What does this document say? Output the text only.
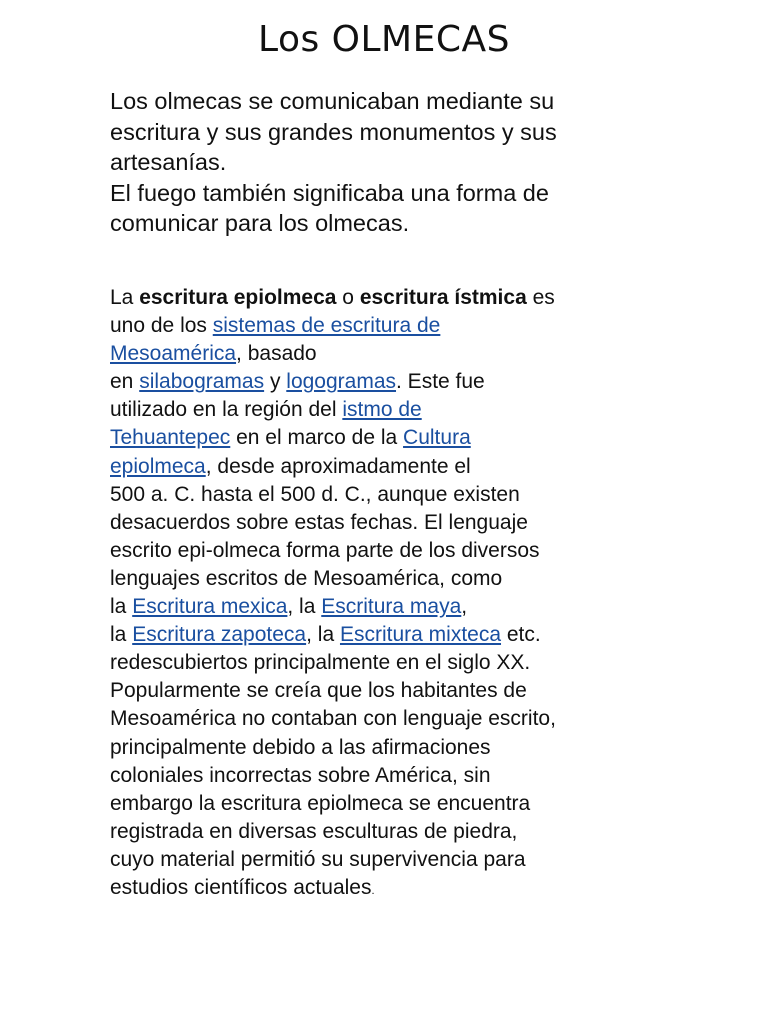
Los OLMECAS
Los olmecas se comunicaban mediante su
escritura y sus grandes monumentos y sus
artesanías.
El fuego también significaba una forma de
comunicar para los olmecas.
La escritura epiolmeca o escritura ístmica es
uno de los sistemas de escritura de
Mesoamérica, basado
en silabogramas y logogramas. Este fue
utilizado en la región del istmo de
Tehuantepec en el marco de la Cultura
epiolmeca, desde aproximadamente el
500 a. C. hasta el 500 d. C., aunque existen
desacuerdos sobre estas fechas. El lenguaje
escrito epi-olmeca forma parte de los diversos
lenguajes escritos de Mesoamérica, como
la Escritura mexica, la Escritura maya,
la Escritura zapoteca, la Escritura mixteca etc.
redescubiertos principalmente en el siglo XX.
Popularmente se creía que los habitantes de
Mesoamérica no contaban con lenguaje escrito,
principalmente debido a las afirmaciones
coloniales incorrectas sobre América, sin
embargo la escritura epiolmeca se encuentra
registrada en diversas esculturas de piedra,
cuyo material permitió su supervivencia para
estudios científicos actuales.
